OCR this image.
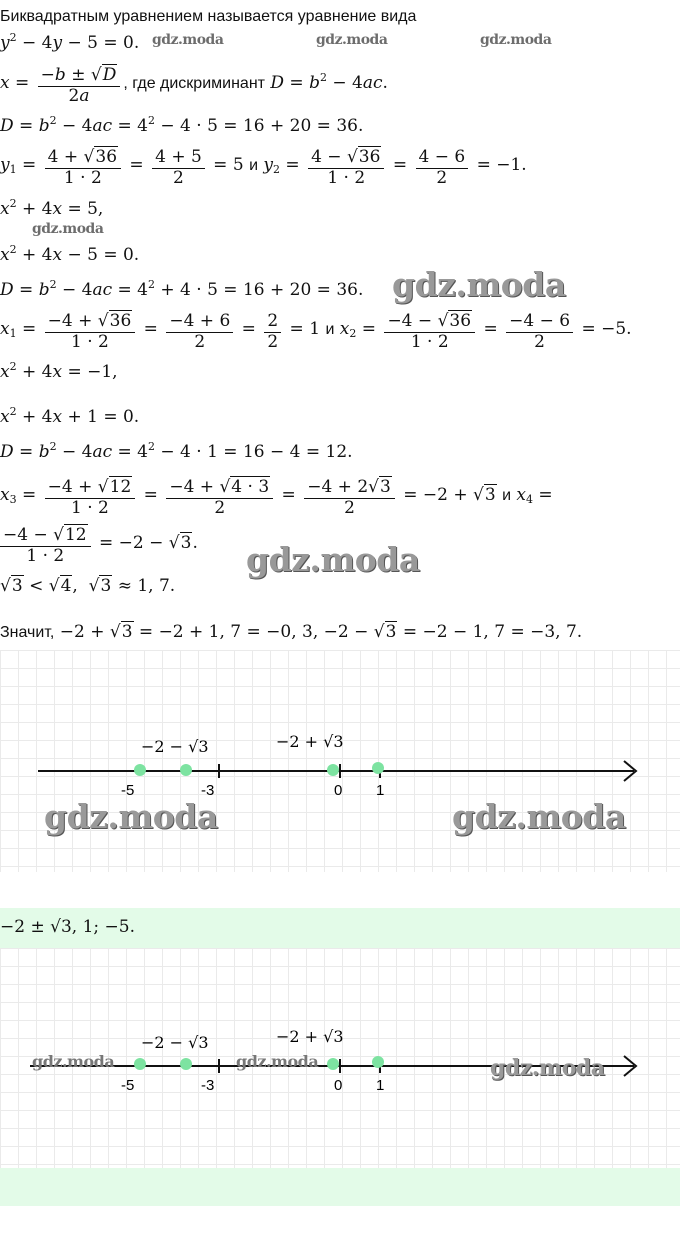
Биквадратным уравнением называется уравнение вида
$y^2 - 4y - 5 = 0$. gdz.moda	gdz.moda	gdz.moda
$x = \frac{-b \pm √D}{2a}$ , где дискриминант $D = b^2 - 4ac$.
$D = b^2 - 4ac = 4^2 - 4 \cdot 5 = 16 + 20 = 36$.
$y_1 = \frac{4 + √36}{1 \cdot 2} = \frac{4 + 5}{2} = 5$ и $y_2 = \frac{4 - √36}{1 \cdot 2} = \frac{4 - 6}{2} = -1$.
$x^2 + 4x = 5$,
gdz.moda
$x^2 + 4x - 5 = 0$.
$D = b^2 - 4ac = 4^2 + 4 \cdot 5 = 16 + 20 = 36$. gdz.moda
$x_1 = \frac{-4 + √36}{1 \cdot 2} = \frac{-4 + 6}{2} = \frac{2}{2} = 1$ и $x_2 = \frac{-4 - √36}{1 \cdot 2} = \frac{-4 - 6}{2} = -5$.
$x^2 + 4x = -1$,
$x^2 + 4x + 1 = 0$.
$D = b^2 - 4ac = 4^2 - 4 \cdot 1 = 16 - 4 = 12$.
$x_3 = \frac{-4 + √12}{1 \cdot 2} = \frac{-4 + √4 \cdot 3}{2} = \frac{-4 + 2√3}{2} = -2 + √3$ и $x_4$ =
$\frac{-4 - √12}{1 \cdot 2} = -2 - √3$. gdz.moda
√3 < √4,  √3 ≈ 1, 7.
Значит, −2 + √3 = −2 + 1, 7 = −0, 3, −2 − √3 = −2 − 1, 7 = −3, 7.
-5	-3	0 1
−2 − √3	−2 + √3
gdz.moda	gdz.moda
−2 ± √3, 1; −5.
-5	-3	0 1
−2 − √3	−2 + √3
gdz.moda	gdz.moda	gdz.moda
